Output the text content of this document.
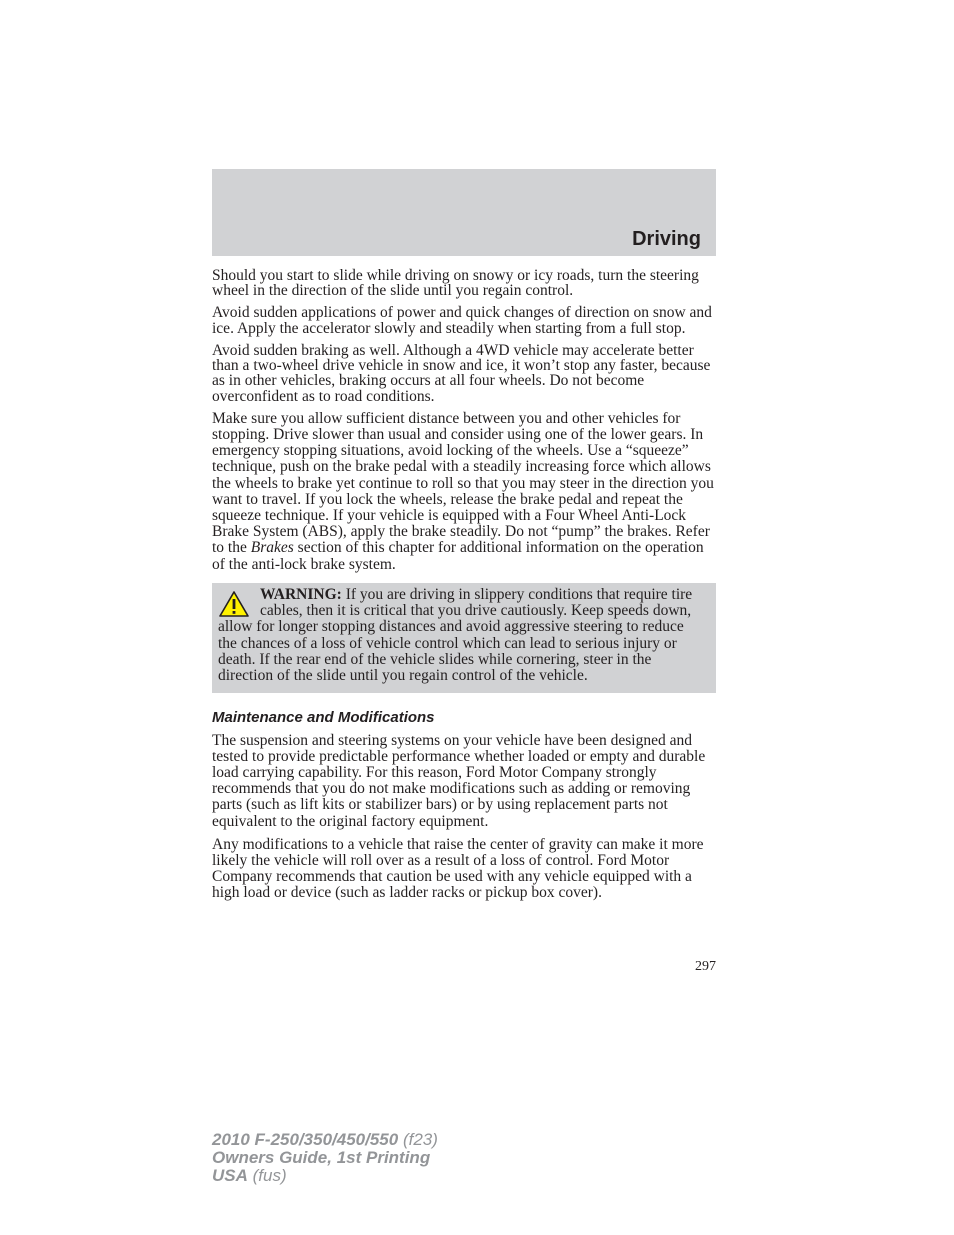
Driving

Should you start to slide while driving on snowy or icy roads, turn the steering wheel in the direction of the slide until you regain control.

Avoid sudden applications of power and quick changes of direction on snow and ice. Apply the accelerator slowly and steadily when starting from a full stop.

Avoid sudden braking as well. Although a 4WD vehicle may accelerate better than a two-wheel drive vehicle in snow and ice, it won’t stop any faster, because as in other vehicles, braking occurs at all four wheels. Do not become overconfident as to road conditions.

Make sure you allow sufficient distance between you and other vehicles for stopping. Drive slower than usual and consider using one of the lower gears. In emergency stopping situations, avoid locking of the wheels. Use a “squeeze” technique, push on the brake pedal with a steadily increasing force which allows the wheels to brake yet continue to roll so that you may steer in the direction you want to travel. If you lock the wheels, release the brake pedal and repeat the squeeze technique. If your vehicle is equipped with a Four Wheel Anti-Lock Brake System (ABS), apply the brake steadily. Do not “pump” the brakes. Refer to the Brakes section of this chapter for additional information on the operation of the anti-lock brake system.

WARNING: If you are driving in slippery conditions that require tire cables, then it is critical that you drive cautiously. Keep speeds down, allow for longer stopping distances and avoid aggressive steering to reduce the chances of a loss of vehicle control which can lead to serious injury or death. If the rear end of the vehicle slides while cornering, steer in the direction of the slide until you regain control of the vehicle.
Maintenance and Modifications

The suspension and steering systems on your vehicle have been designed and tested to provide predictable performance whether loaded or empty and durable load carrying capability. For this reason, Ford Motor Company strongly recommends that you do not make modifications such as adding or removing parts (such as lift kits or stabilizer bars) or by using replacement parts not equivalent to the original factory equipment.

Any modifications to a vehicle that raise the center of gravity can make it more likely the vehicle will roll over as a result of a loss of control. Ford Motor Company recommends that caution be used with any vehicle equipped with a high load or device (such as ladder racks or pickup box cover).

297
2010 F-250/350/450/550 (f23)
Owners Guide, 1st Printing
USA (fus)
